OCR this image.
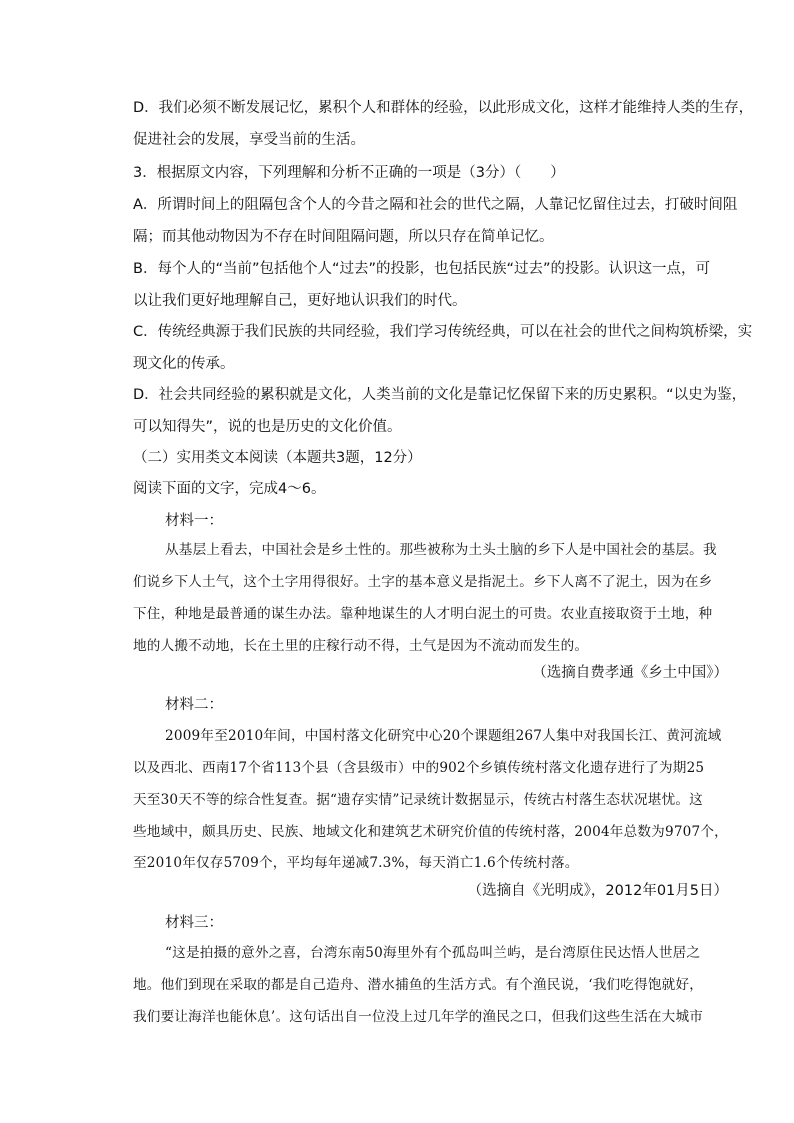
D．我们必须不断发展记忆，累积个人和群体的经验，以此形成文化，这样才能维持人类的生存，
促进社会的发展，享受当前的生活。
3．根据原文内容，下列理解和分析不正确的一项是（3分）（　　）
A．所谓时间上的阻隔包含个人的今昔之隔和社会的世代之隔，人靠记忆留住过去，打破时间阻
隔；而其他动物因为不存在时间阻隔问题，所以只存在简单记忆。
B．每个人的“当前”包括他个人“过去”的投影，也包括民族“过去”的投影。认识这一点，可
以让我们更好地理解自己，更好地认识我们的时代。
C．传统经典源于我们民族的共同经验，我们学习传统经典，可以在社会的世代之间构筑桥梁，实
现文化的传承。
D．社会共同经验的累积就是文化，人类当前的文化是靠记忆保留下来的历史累积。“以史为鉴，
可以知得失”，说的也是历史的文化价值。
（二）实用类文本阅读（本题共3题，12分）
阅读下面的文字，完成4～6。
材料一：
从基层上看去，中国社会是乡土性的。那些被称为土头土脑的乡下人是中国社会的基层。我
们说乡下人土气，这个土字用得很好。土字的基本意义是指泥土。乡下人离不了泥土，因为在乡
下住，种地是最普通的谋生办法。靠种地谋生的人才明白泥土的可贵。农业直接取资于土地，种
地的人搬不动地，长在土里的庄稼行动不得，土气是因为不流动而发生的。
（选摘自费孝通《乡土中国》）
材料二：
2009年至2010年间，中国村落文化研究中心20个课题组267人集中对我国长江、黄河流域
以及西北、西南17个省113个县（含县级市）中的902个乡镇传统村落文化遗存进行了为期25
天至30天不等的综合性复查。据“遗存实情”记录统计数据显示，传统古村落生态状况堪忧。这
些地域中，颇具历史、民族、地域文化和建筑艺术研究价值的传统村落，2004年总数为9707个，
至2010年仅存5709个，平均每年递减7.3%，每天消亡1.6个传统村落。
（选摘自《光明成》，2012年01月5日）
材料三：
“这是拍摄的意外之喜，台湾东南50海里外有个孤岛叫兰屿，是台湾原住民达悟人世居之
地。他们到现在采取的都是自己造舟、潜水捕鱼的生活方式。有个渔民说，‘我们吃得饱就好，
我们要让海洋也能休息’。这句话出自一位没上过几年学的渔民之口，但我们这些生活在大城市
